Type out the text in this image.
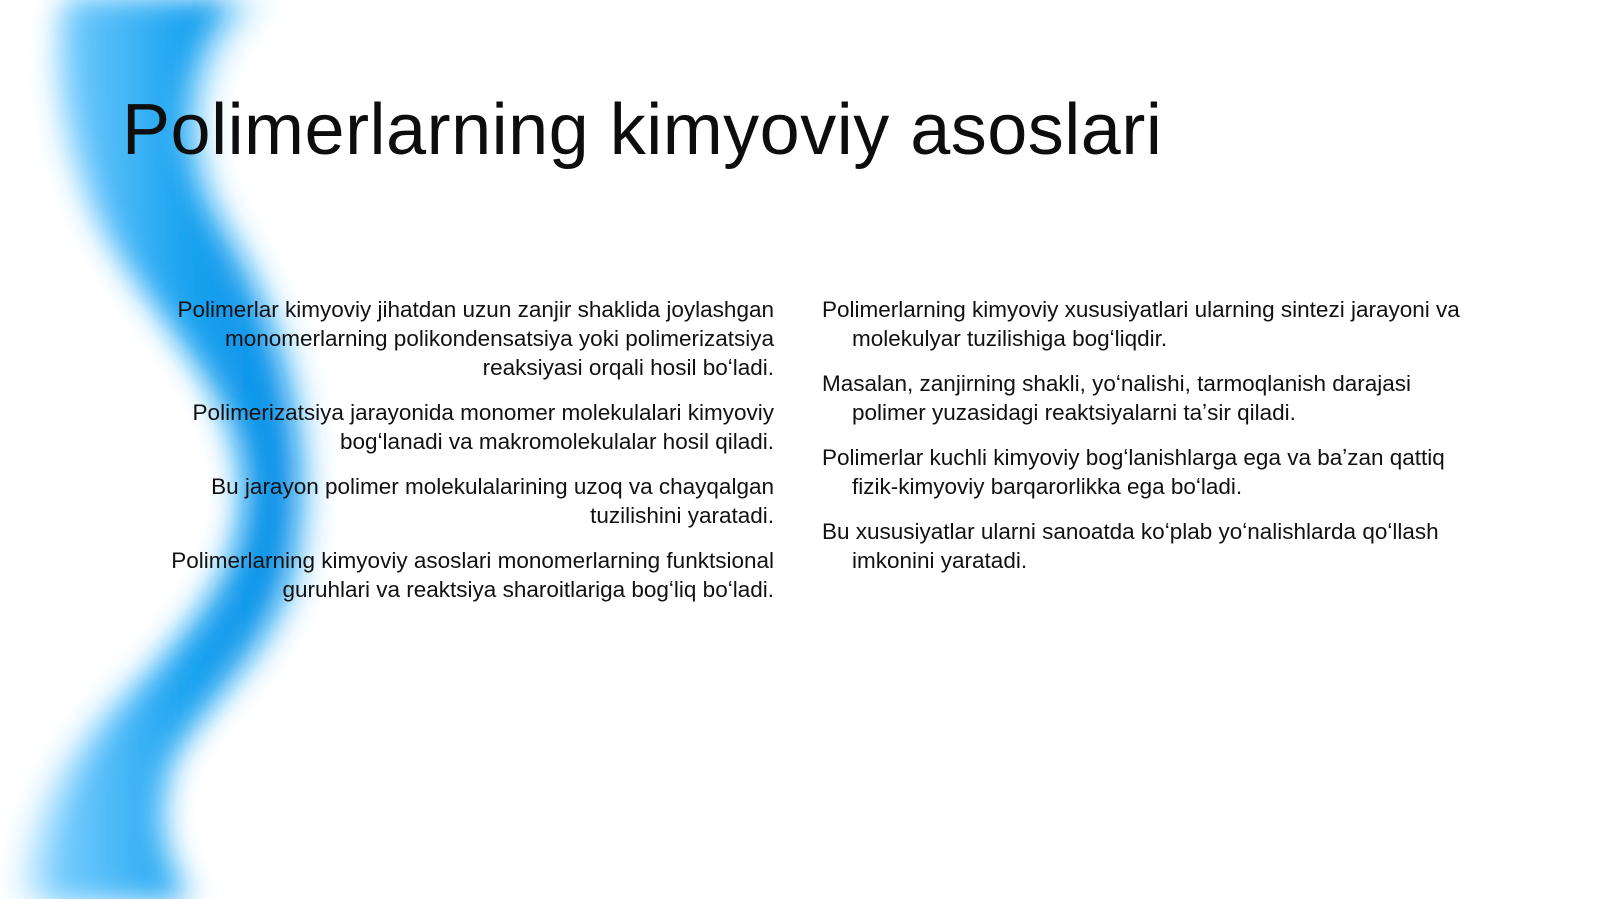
Polimerlarning kimyoviy asoslari

Polimerlar kimyoviy jihatdan uzun zanjir shaklida joylashgan monomerlarning polikondensatsiya yoki polimerizatsiya reaksiyasi orqali hosil boʻladi.

Polimerizatsiya jarayonida monomer molekulalari kimyoviy bogʻlanadi va makromolekulalar hosil qiladi.

Bu jarayon polimer molekulalarining uzoq va chayqalgan tuzilishini yaratadi.

Polimerlarning kimyoviy asoslari monomerlarning funktsional guruhlari va reaktsiya sharoitlariga bogʻliq boʻladi.

Polimerlarning kimyoviy xususiyatlari ularning sintezi jarayoni va molekulyar tuzilishiga bogʻliqdir.

Masalan, zanjirning shakli, yoʻnalishi, tarmoqlanish darajasi polimer yuzasidagi reaktsiyalarni taʼsir qiladi.

Polimerlar kuchli kimyoviy bogʻlanishlarga ega va baʼzan qattiq fizik-kimyoviy barqarorlikka ega boʻladi.

Bu xususiyatlar ularni sanoatda koʻplab yoʻnalishlarda qoʻllash imkonini yaratadi.
